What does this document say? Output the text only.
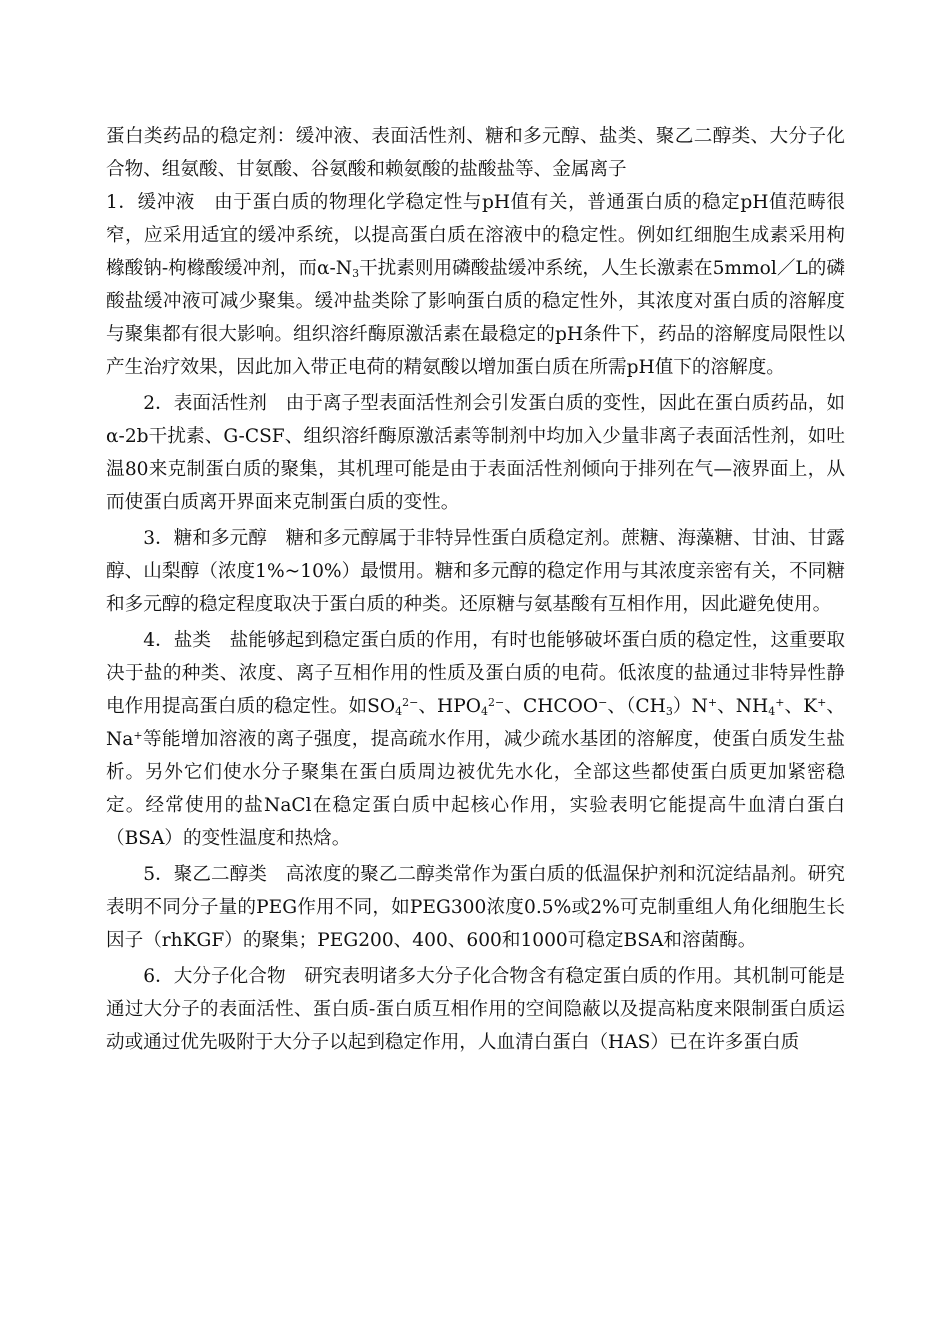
蛋白类药品的稳定剂：缓冲液、表面活性剂、糖和多元醇、盐类、聚乙二醇类、大分子化合物、组氨酸、甘氨酸、谷氨酸和赖氨酸的盐酸盐等、金属离子

1．缓冲液　由于蛋白质的物理化学稳定性与pH值有关，普通蛋白质的稳定pH值范畴很窄，应采用适宜的缓冲系统，以提高蛋白质在溶液中的稳定性。例如红细胞生成素采用枸橼酸钠-枸橼酸缓冲剂，而$\alpha-N_3$干扰素则用磷酸盐缓冲系统，人生长激素在5mmol／L的磷酸盐缓冲液可减少聚集。缓冲盐类除了影响蛋白质的稳定性外，其浓度对蛋白质的溶解度与聚集都有很大影响。组织溶纤酶原激活素在最稳定的pH条件下，药品的溶解度局限性以产生治疗效果，因此加入带正电荷的精氨酸以增加蛋白质在所需pH值下的溶解度。

2．表面活性剂　由于离子型表面活性剂会引发蛋白质的变性，因此在蛋白质药品，如α-2b干扰素、G-CSF、组织溶纤酶原激活素等制剂中均加入少量非离子表面活性剂，如吐温80来克制蛋白质的聚集，其机理可能是由于表面活性剂倾向于排列在气—液界面上，从而使蛋白质离开界面来克制蛋白质的变性。

3．糖和多元醇　糖和多元醇属于非特异性蛋白质稳定剂。蔗糖、海藻糖、甘油、甘露醇、山梨醇（浓度1%~10%）最惯用。糖和多元醇的稳定作用与其浓度亲密有关，不同糖和多元醇的稳定程度取决于蛋白质的种类。还原糖与氨基酸有互相作用，因此避免使用。

4．盐类　盐能够起到稳定蛋白质的作用，有时也能够破坏蛋白质的稳定性，这重要取决于盐的种类、浓度、离子互相作用的性质及蛋白质的电荷。低浓度的盐通过非特异性静电作用提高蛋白质的稳定性。如$SO_4^{2-}$、$HPO_4^{2-}$、CHCOO−、$(CH_3)N^+$、$NH_4^+$、K+、Na+等能增加溶液的离子强度，提高疏水作用，减少疏水基团的溶解度，使蛋白质发生盐析。另外它们使水分子聚集在蛋白质周边被优先水化，全部这些都使蛋白质更加紧密稳定。经常使用的盐NaCl在稳定蛋白质中起核心作用，实验表明它能提高牛血清白蛋白（BSA）的变性温度和热焓。

5．聚乙二醇类　高浓度的聚乙二醇类常作为蛋白质的低温保护剂和沉淀结晶剂。研究表明不同分子量的PEG作用不同，如PEG300浓度0.5%或2%可克制重组人角化细胞生长因子（rhKGF）的聚集；PEG200、400、600和1000可稳定BSA和溶菌酶。

6．大分子化合物　研究表明诸多大分子化合物含有稳定蛋白质的作用。其机制可能是通过大分子的表面活性、蛋白质-蛋白质互相作用的空间隐蔽以及提高粘度来限制蛋白质运动或通过优先吸附于大分子以起到稳定作用，人血清白蛋白（HAS）已在许多蛋白质
